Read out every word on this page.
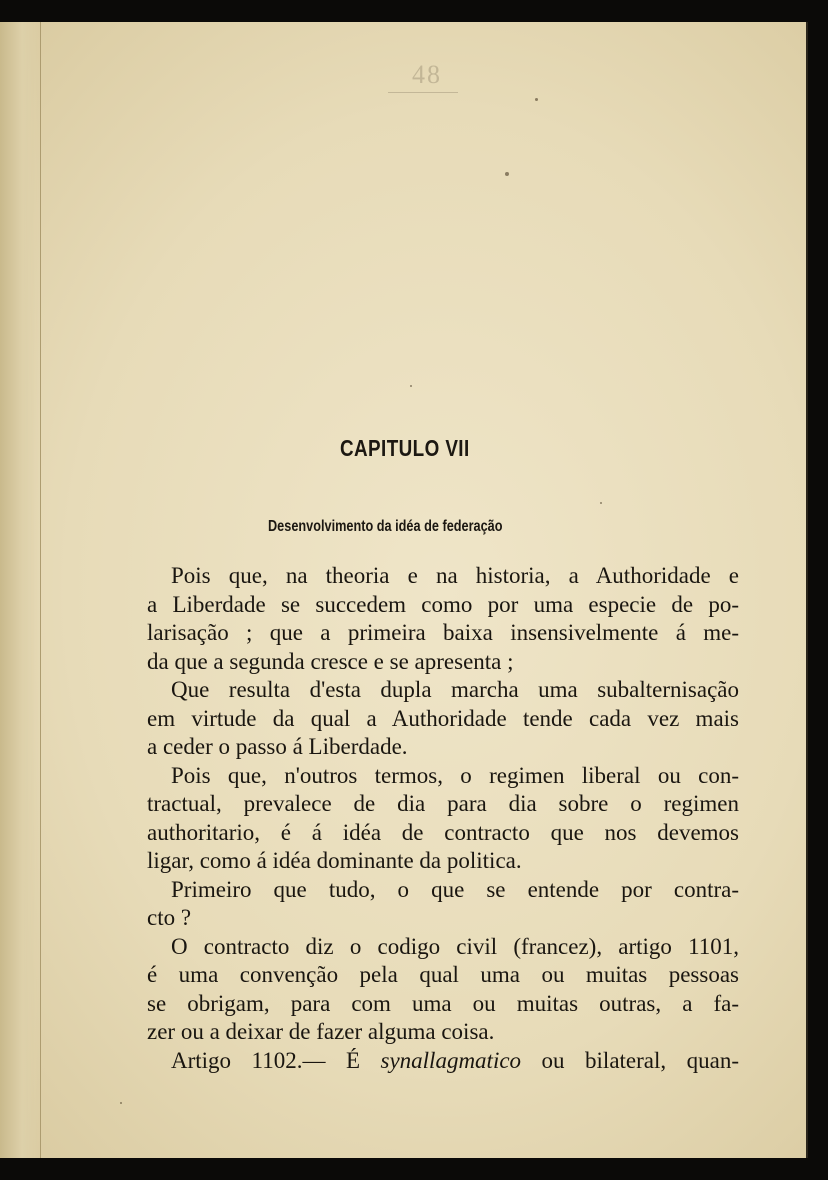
48
CAPITULO VII
Desenvolvimento da idéa de federação
Pois que, na theoria e na historia, a Authoridade e
a Liberdade se succedem como por uma especie de po-
larisação ; que a primeira baixa insensivelmente á me-
da que a segunda cresce e se apresenta ;
Que resulta d'esta dupla marcha uma subalternisação
em virtude da qual a Authoridade tende cada vez mais
a ceder o passo á Liberdade.
Pois que, n'outros termos, o regimen liberal ou con-
tractual, prevalece de dia para dia sobre o regimen
authoritario, é á idéa de contracto que nos devemos
ligar, como á idéa dominante da politica.
Primeiro que tudo, o que se entende por contra-
cto ?
O contracto diz o codigo civil (francez), artigo 1101,
é uma convenção pela qual uma ou muitas pessoas
se obrigam, para com uma ou muitas outras, a fa-
zer ou a deixar de fazer alguma coisa.
Artigo 1102.— É synallagmatico ou bilateral, quan-
